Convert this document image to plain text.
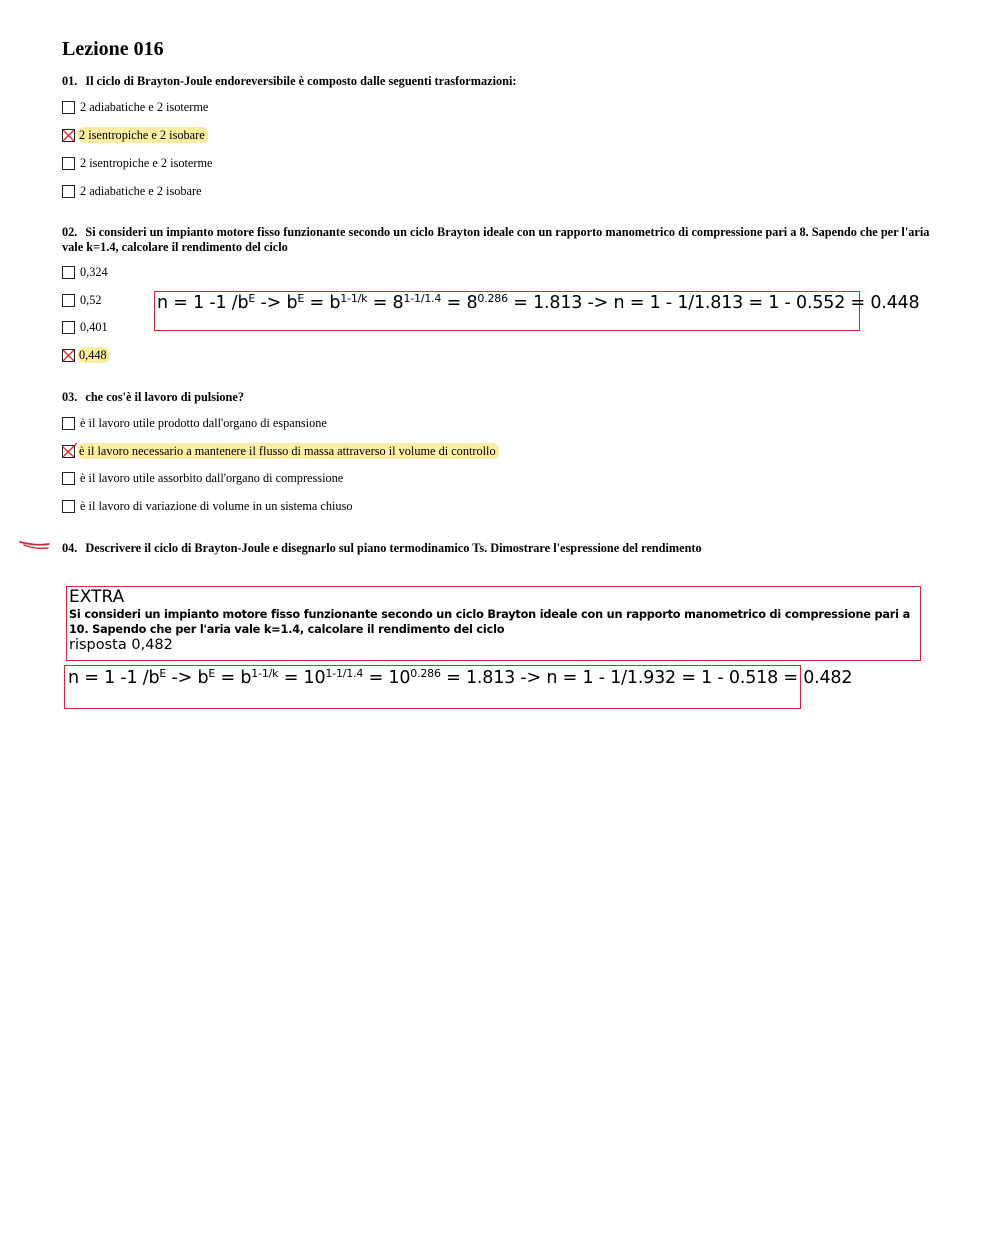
Lezione 016
01. Il ciclo di Brayton-Joule endoreversibile è composto dalle seguenti trasformazioni:
2 adiabatiche e 2 isoterme
2 isentropiche e 2 isobare
2 isentropiche e 2 isoterme
2 adiabatiche e 2 isobare
02. Si consideri un impianto motore fisso funzionante secondo un ciclo Brayton ideale con un rapporto manometrico di compressione pari a 8. Sapendo che per l'aria vale k=1.4, calcolare il rendimento del ciclo
0,324
0,52
0,401
0,448
n = 1 -1 $/b^E -> b^E = b^{1-1/k} = 8^{1-1/1.4} = 8^{0.286} = 1.813 -> n = 1 - 1/1.813 = 1 - 0.552 = 0.448$
03. che cos'è il lavoro di pulsione?
è il lavoro utile prodotto dall'organo di espansione
è il lavoro necessario a mantenere il flusso di massa attraverso il volume di controllo
è il lavoro utile assorbito dall'organo di compressione
è il lavoro di variazione di volume in un sistema chiuso
04. Descrivere il ciclo di Brayton-Joule e disegnarlo sul piano termodinamico Ts. Dimostrare l'espressione del rendimento
EXTRA
Si consideri un impianto motore fisso funzionante secondo un ciclo Brayton ideale con un rapporto manometrico di compressione pari a 10. Sapendo che per l'aria vale k=1.4, calcolare il rendimento del ciclo
risposta 0,482
n = 1 -1 $/b^E -> b^E = b^{1-1/k} = 10^{1-1/1.4} = 10^{0.286} = 1.813 -> n = 1 - 1/1.932 = 1 - 0.518 = 0.482$
